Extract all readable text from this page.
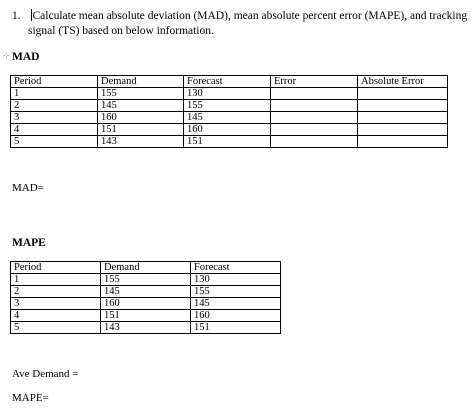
1. Calculate mean absolute deviation (MAD), mean absolute percent error (MAPE), and tracking
signal (TS) based on below information.
⊹ MAD
Period	Demand	Forecast	Error	Absolute Error
1	155	130		
2	145	155		
3	160	145		
4	151	160		
5	143	151		
MAD=
MAPE
Period	Demand	Forecast
1	155	130
2	145	155
3	160	145
4	151	160
5	143	151
Ave Demand =
MAPE=
